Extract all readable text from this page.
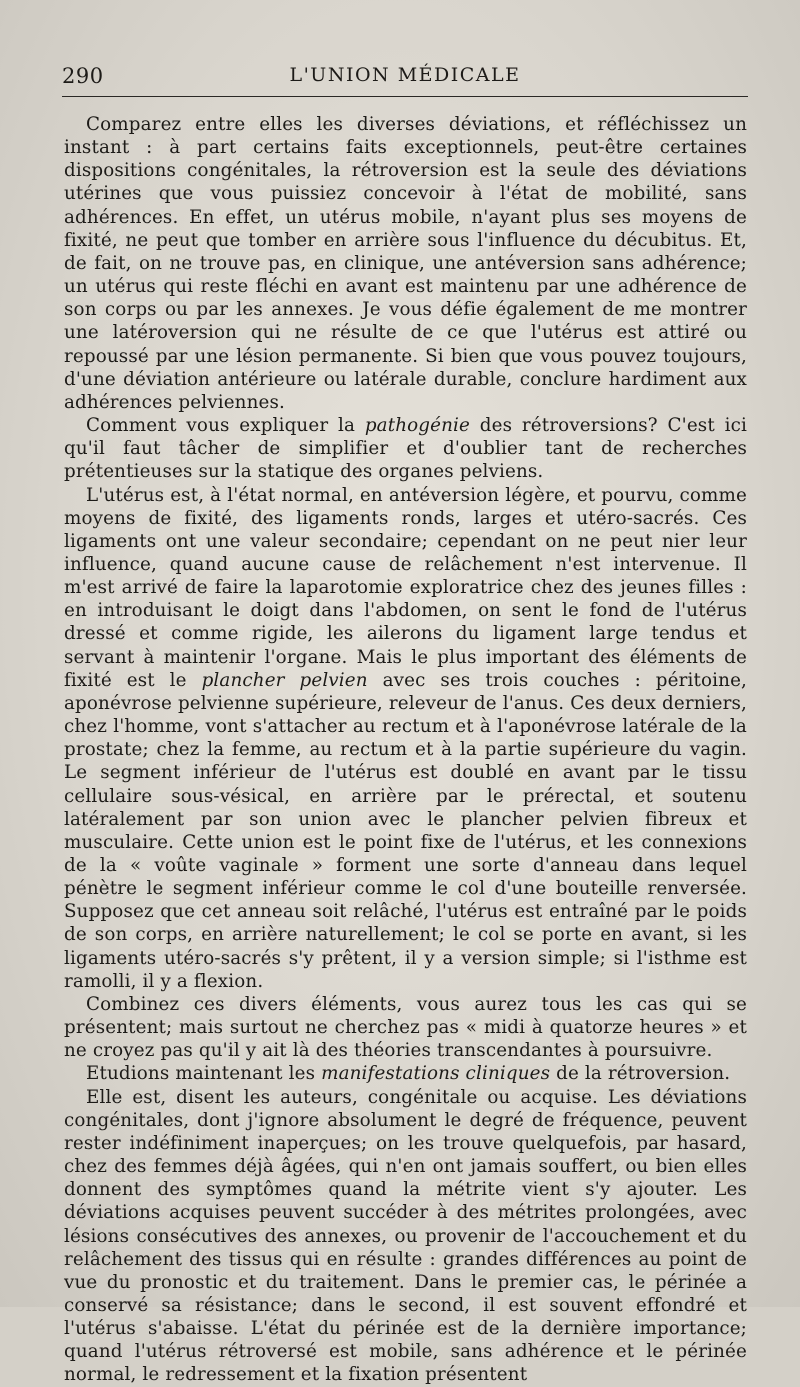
290	L'UNION MÉDICALE

Comparez entre elles les diverses déviations, et réfléchissez un instant : à part certains faits exceptionnels, peut-être certaines dispositions congénitales, la rétroversion est la seule des déviations utérines que vous puissiez concevoir à l'état de mobilité, sans adhérences. En effet, un utérus mobile, n'ayant plus ses moyens de fixité, ne peut que tomber en arrière sous l'influence du décubitus. Et, de fait, on ne trouve pas, en clinique, une antéversion sans adhérence; un utérus qui reste fléchi en avant est maintenu par une adhérence de son corps ou par les annexes. Je vous défie également de me montrer une latéroversion qui ne résulte de ce que l'utérus est attiré ou repoussé par une lésion permanente. Si bien que vous pouvez toujours, d'une déviation antérieure ou latérale durable, conclure hardiment aux adhérences pelviennes.

Comment vous expliquer la pathogénie des rétroversions? C'est ici qu'il faut tâcher de simplifier et d'oublier tant de recherches prétentieuses sur la statique des organes pelviens.

L'utérus est, à l'état normal, en antéversion légère, et pourvu, comme moyens de fixité, des ligaments ronds, larges et utéro-sacrés. Ces ligaments ont une valeur secondaire; cependant on ne peut nier leur influence, quand aucune cause de relâchement n'est intervenue. Il m'est arrivé de faire la laparotomie exploratrice chez des jeunes filles : en introduisant le doigt dans l'abdomen, on sent le fond de l'utérus dressé et comme rigide, les ailerons du ligament large tendus et servant à maintenir l'organe. Mais le plus important des éléments de fixité est le plancher pelvien avec ses trois couches : péritoine, aponévrose pelvienne supérieure, releveur de l'anus. Ces deux derniers, chez l'homme, vont s'attacher au rectum et à l'aponévrose latérale de la prostate; chez la femme, au rectum et à la partie supérieure du vagin. Le segment inférieur de l'utérus est doublé en avant par le tissu cellulaire sous-vésical, en arrière par le prérectal, et soutenu latéralement par son union avec le plancher pelvien fibreux et musculaire. Cette union est le point fixe de l'utérus, et les connexions de la « voûte vaginale » forment une sorte d'anneau dans lequel pénètre le segment inférieur comme le col d'une bouteille renversée. Supposez que cet anneau soit relâché, l'utérus est entraîné par le poids de son corps, en arrière naturellement; le col se porte en avant, si les ligaments utéro-sacrés s'y prêtent, il y a version simple; si l'isthme est ramolli, il y a flexion.

Combinez ces divers éléments, vous aurez tous les cas qui se présentent; mais surtout ne cherchez pas « midi à quatorze heures » et ne croyez pas qu'il y ait là des théories transcendantes à poursuivre.

Etudions maintenant les manifestations cliniques de la rétroversion.

Elle est, disent les auteurs, congénitale ou acquise. Les déviations congénitales, dont j'ignore absolument le degré de fréquence, peuvent rester indéfiniment inaperçues; on les trouve quelquefois, par hasard, chez des femmes déjà âgées, qui n'en ont jamais souffert, ou bien elles donnent des symptômes quand la métrite vient s'y ajouter. Les déviations acquises peuvent succéder à des métrites prolongées, avec lésions consécutives des annexes, ou provenir de l'accouchement et du relâchement des tissus qui en résulte : grandes différences au point de vue du pronostic et du traitement. Dans le premier cas, le périnée a conservé sa résistance; dans le second, il est souvent effondré et l'utérus s'abaisse. L'état du périnée est de la dernière importance; quand l'utérus rétroversé est mobile, sans adhérence et le périnée normal, le redressement et la fixation présentent
